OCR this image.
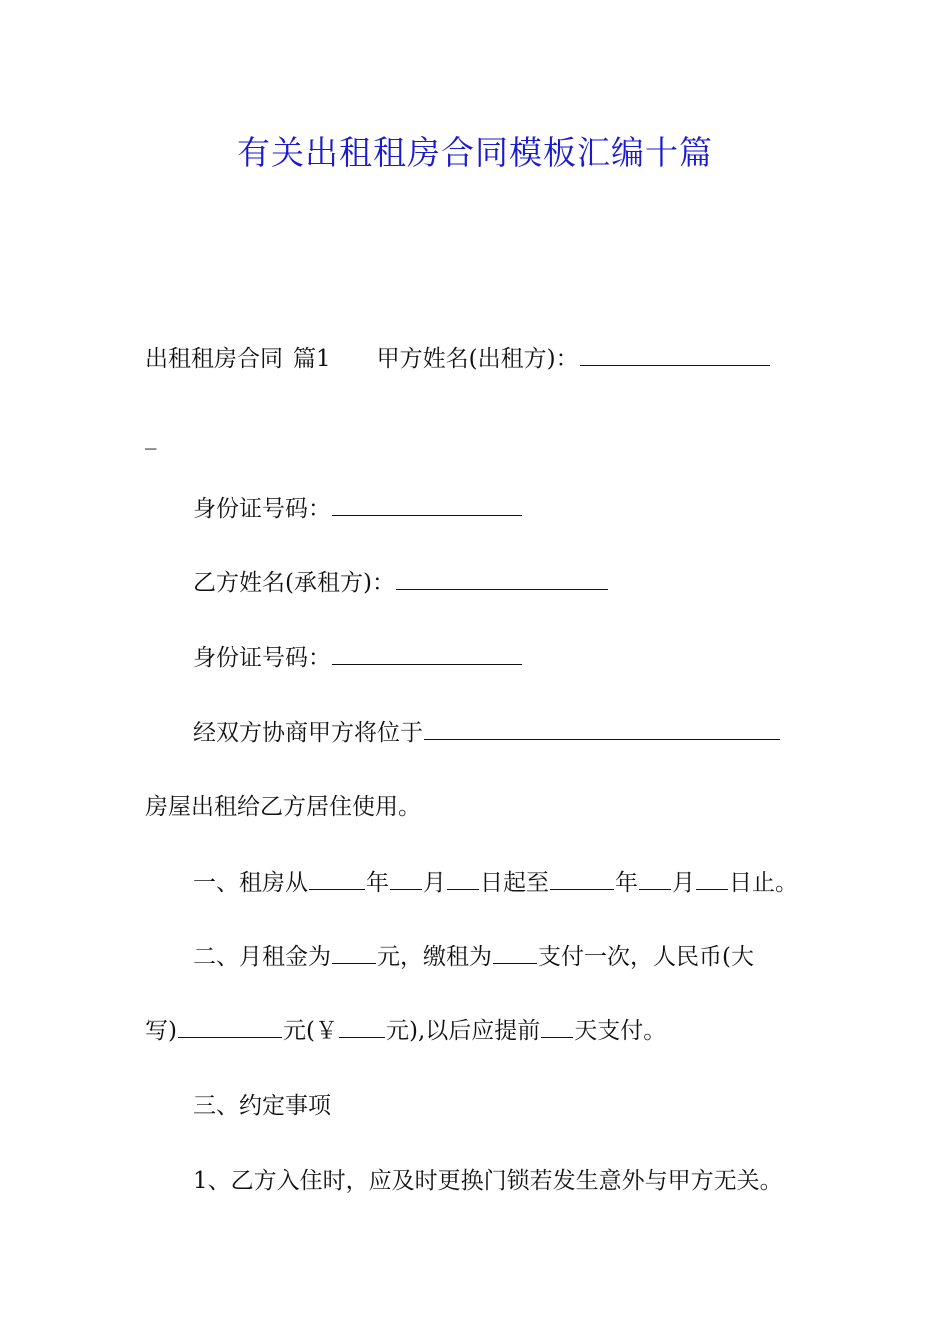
有关出租租房合同模板汇编十篇
出租租房合同 篇1 甲方姓名(出租方)：
_
身份证号码：
乙方姓名(承租方)：
身份证号码：
经双方协商甲方将位于
房屋出租给乙方居住使用。
一、租房从	年 月 日起至	年 月 日止。
二、月租金为 元，缴租为 支付一次，人民币(大
写)	元(￥ 元),以后应提前 天支付。
三、约定事项
1、乙方入住时，应及时更换门锁若发生意外与甲方无关。
